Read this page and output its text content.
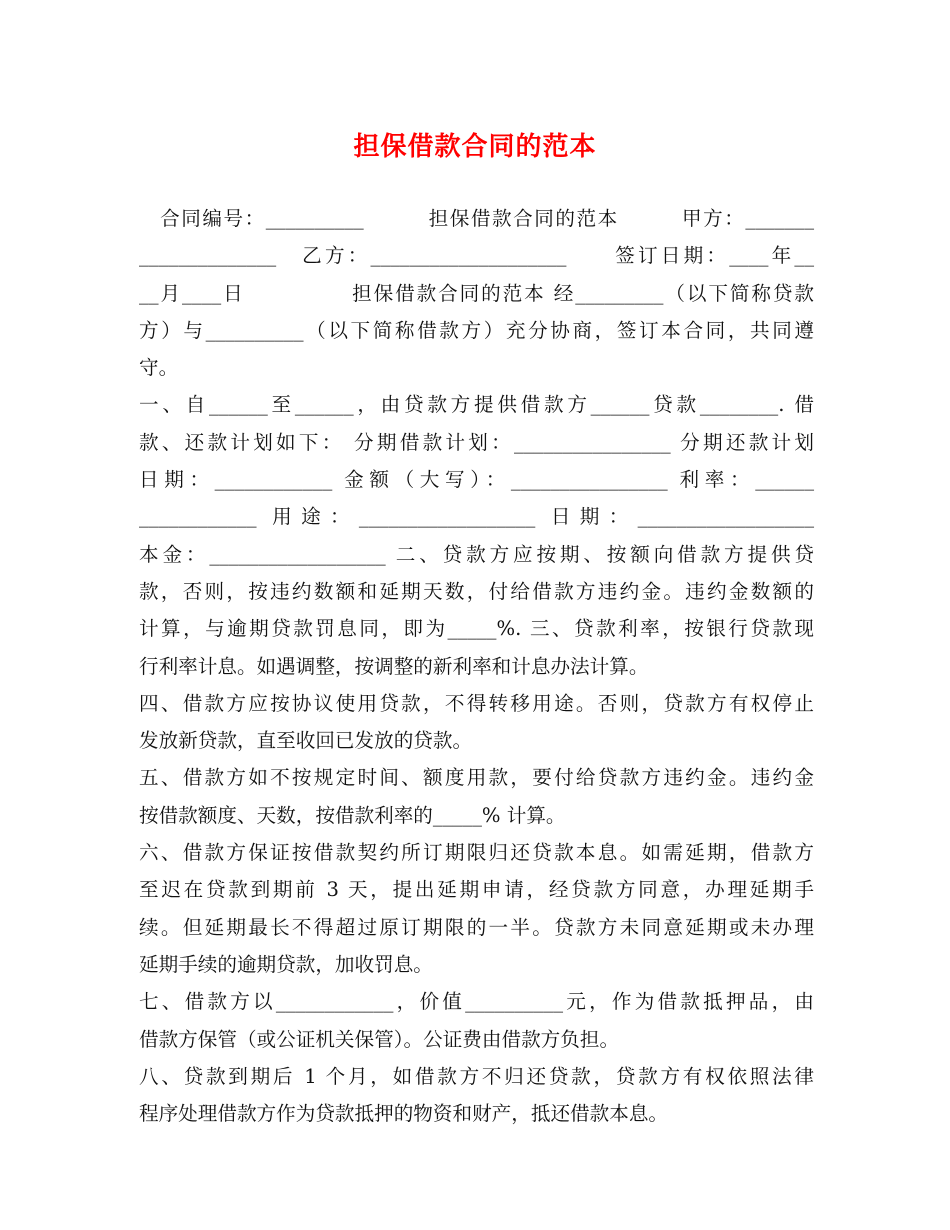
担保借款合同的范本
　合同编号：__________　　　担保借款合同的范本　　　甲方：_______
______________　乙方：____________________　　签订日期：____年__
__月____日　　　　　担保借款合同的范本 经_________（以下简称贷款
方）与__________（以下简称借款方）充分协商，签订本合同，共同遵
守。
一、自______至______，由贷款方提供借款方______贷款________. 借
款、还款计划如下： 分期借款计划：________________ 分期还款计划
日期：____________ 金额（大写）：________________ 利率：______
____________ 用途：__________________ 日期：__________________
本金：__________________ 二、贷款方应按期、按额向借款方提供贷
款，否则，按违约数额和延期天数，付给借款方违约金。违约金数额的
计算，与逾期贷款罚息同，即为_____%. 三、贷款利率，按银行贷款现
行利率计息。如遇调整，按调整的新利率和计息办法计算。
四、借款方应按协议使用贷款，不得转移用途。否则，贷款方有权停止
发放新贷款，直至收回已发放的贷款。
五、借款方如不按规定时间、额度用款，要付给贷款方违约金。违约金
按借款额度、天数，按借款利率的_____% 计算。
六、借款方保证按借款契约所订期限归还贷款本息。如需延期，借款方
至迟在贷款到期前 3 天，提出延期申请，经贷款方同意，办理延期手
续。但延期最长不得超过原订期限的一半。贷款方未同意延期或未办理
延期手续的逾期贷款，加收罚息。
七、借款方以____________，价值__________元，作为借款抵押品，由
借款方保管（或公证机关保管）。公证费由借款方负担。
八、贷款到期后 1 个月，如借款方不归还贷款，贷款方有权依照法律
程序处理借款方作为贷款抵押的物资和财产，抵还借款本息。
